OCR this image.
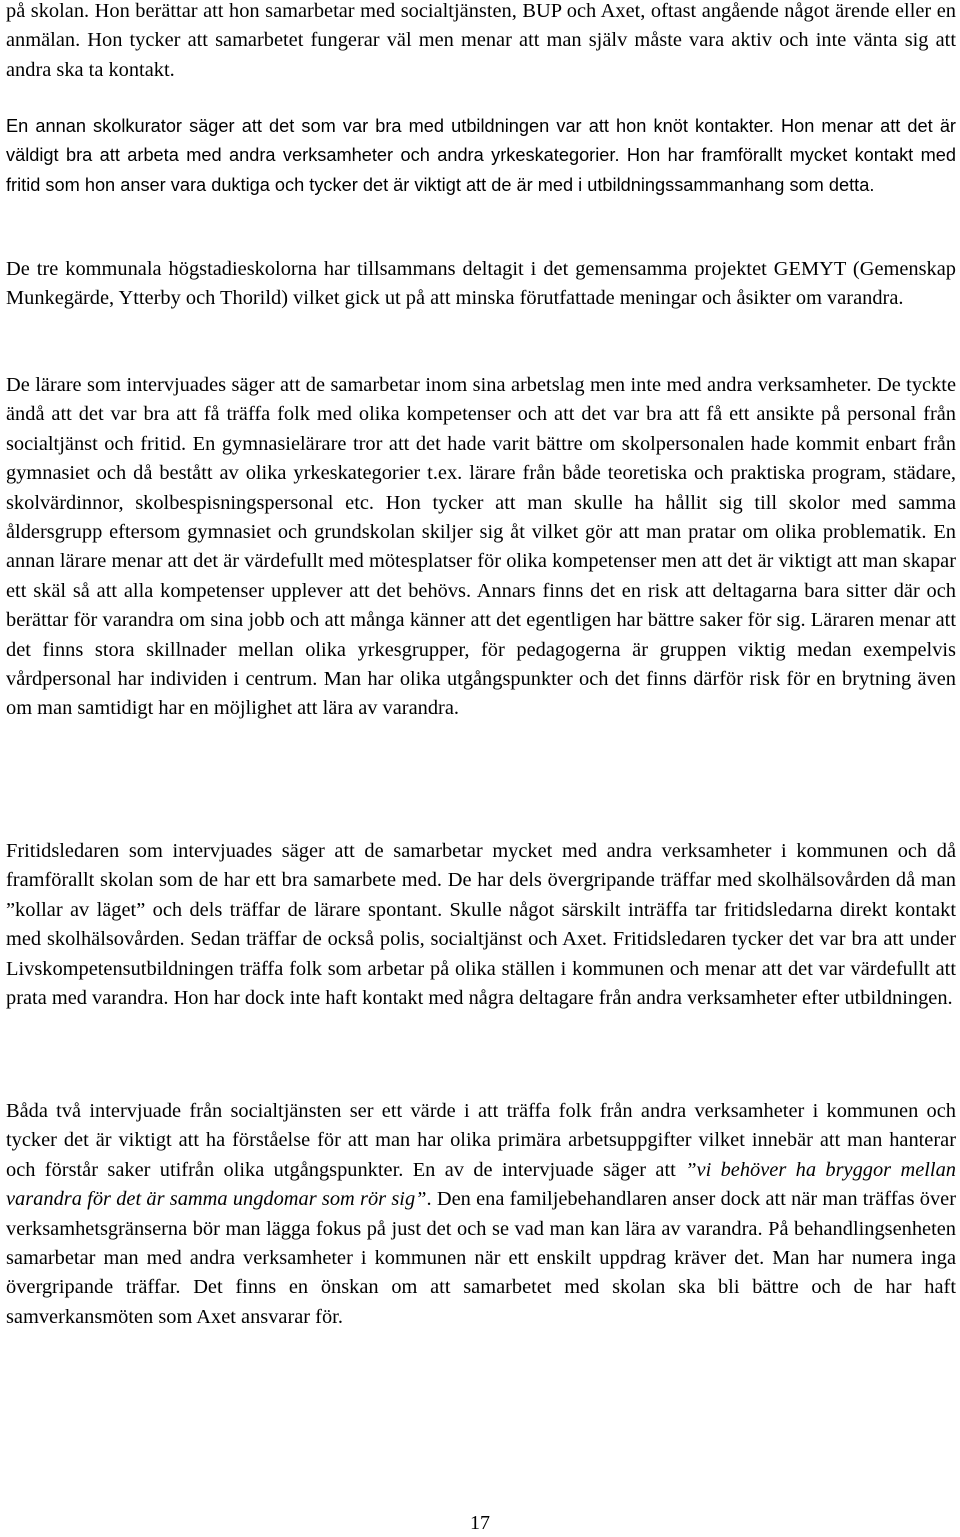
på skolan. Hon berättar att hon samarbetar med socialtjänsten, BUP och Axet, oftast angående något ärende eller en anmälan. Hon tycker att samarbetet fungerar väl men menar att man själv måste vara aktiv och inte vänta sig att andra ska ta kontakt.

En annan skolkurator säger att det som var bra med utbildningen var att hon knöt kontakter. Hon menar att det är väldigt bra att arbeta med andra verksamheter och andra yrkeskategorier. Hon har framförallt mycket kontakt med fritid som hon anser vara duktiga och tycker det är viktigt att de är med i utbildningssammanhang som detta.

De tre kommunala högstadieskolorna har tillsammans deltagit i det gemensamma projektet GEMYT (Gemenskap Munkegärde, Ytterby och Thorild) vilket gick ut på att minska förutfattade meningar och åsikter om varandra.

De lärare som intervjuades säger att de samarbetar inom sina arbetslag men inte med andra verksamheter. De tyckte ändå att det var bra att få träffa folk med olika kompetenser och att det var bra att få ett ansikte på personal från socialtjänst och fritid. En gymnasielärare tror att det hade varit bättre om skolpersonalen hade kommit enbart från gymnasiet och då bestått av olika yrkeskategorier t.ex. lärare från både teoretiska och praktiska program, städare, skolvärdinnor, skolbespisningspersonal etc. Hon tycker att man skulle ha hållit sig till skolor med samma åldersgrupp eftersom gymnasiet och grundskolan skiljer sig åt vilket gör att man pratar om olika problematik. En annan lärare menar att det är värdefullt med mötesplatser för olika kompetenser men att det är viktigt att man skapar ett skäl så att alla kompetenser upplever att det behövs. Annars finns det en risk att deltagarna bara sitter där och berättar för varandra om sina jobb och att många känner att det egentligen har bättre saker för sig. Läraren menar att det finns stora skillnader mellan olika yrkesgrupper, för pedagogerna är gruppen viktig medan exempelvis vårdpersonal har individen i centrum. Man har olika utgångspunkter och det finns därför risk för en brytning även om man samtidigt har en möjlighet att lära av varandra.

Fritidsledaren som intervjuades säger att de samarbetar mycket med andra verksamheter i kommunen och då framförallt skolan som de har ett bra samarbete med. De har dels övergripande träffar med skolhälsovården då man ”kollar av läget” och dels träffar de lärare spontant. Skulle något särskilt inträffa tar fritidsledarna direkt kontakt med skolhälsovården. Sedan träffar de också polis, socialtjänst och Axet. Fritidsledaren tycker det var bra att under Livskompetensutbildningen träffa folk som arbetar på olika ställen i kommunen och menar att det var värdefullt att prata med varandra. Hon har dock inte haft kontakt med några deltagare från andra verksamheter efter utbildningen.

Båda två intervjuade från socialtjänsten ser ett värde i att träffa folk från andra verksamheter i kommunen och tycker det är viktigt att ha förståelse för att man har olika primära arbetsuppgifter vilket innebär att man hanterar och förstår saker utifrån olika utgångspunkter. En av de intervjuade säger att ”vi behöver ha bryggor mellan varandra för det är samma ungdomar som rör sig”. Den ena familjebehandlaren anser dock att när man träffas över verksamhetsgränserna bör man lägga fokus på just det och se vad man kan lära av varandra. På behandlingsenheten samarbetar man med andra verksamheter i kommunen när ett enskilt uppdrag kräver det. Man har numera inga övergripande träffar. Det finns en önskan om att samarbetet med skolan ska bli bättre och de har haft samverkansmöten som Axet ansvarar för.

17
